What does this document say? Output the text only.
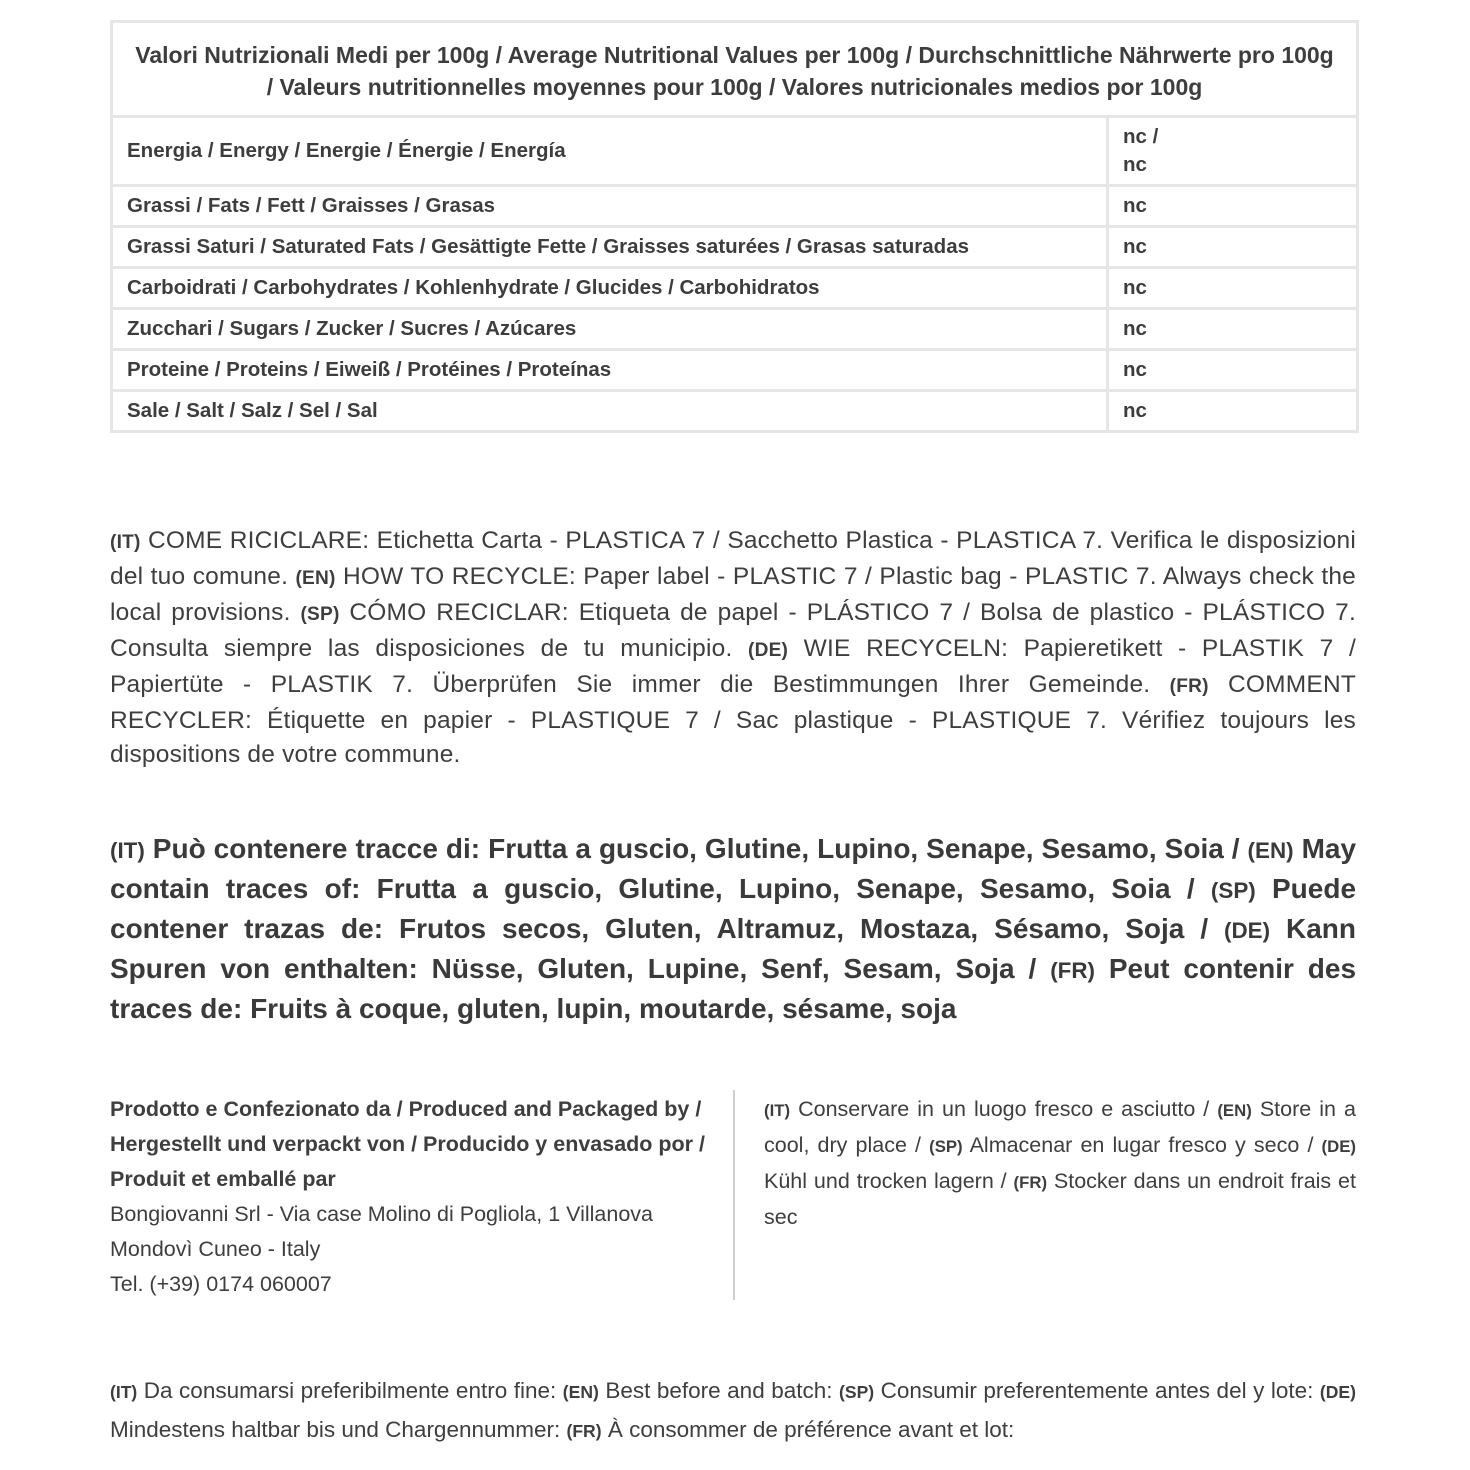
Valori Nutrizionali Medi per 100g / Average Nutritional Values per 100g / Durchschnittliche Nährwerte pro 100g / Valeurs nutritionnelles moyennes pour 100g / Valores nutricionales medios por 100g	
Energia / Energy / Energie / Énergie / Energía	nc /
nc

Grassi / Fats / Fett / Graisses / Grasas	nc
Grassi Saturi / Saturated Fats / Gesättigte Fette / Graisses saturées / Grasas saturadas	nc
Carboidrati / Carbohydrates / Kohlenhydrate / Glucides / Carbohidratos	nc
Zucchari / Sugars / Zucker / Sucres / Azúcares	nc
Proteine / Proteins / Eiweiß / Protéines / Proteínas	nc
Sale / Salt / Salz / Sel / Sal	nc

(IT) COME RICICLARE: Etichetta Carta - PLASTICA 7 / Sacchetto Plastica - PLASTICA 7. Verifica le disposizioni del tuo comune. (EN) HOW TO RECYCLE: Paper label - PLASTIC 7 / Plastic bag - PLASTIC 7. Always check the local provisions. (SP) CÓMO RECICLAR: Etiqueta de papel - PLÁSTICO 7 / Bolsa de plastico - PLÁSTICO 7. Consulta siempre las disposiciones de tu municipio. (DE) WIE RECYCELN: Papieretikett - PLASTIK 7 / Papiertüte - PLASTIK 7. Überprüfen Sie immer die Bestimmungen Ihrer Gemeinde. (FR) COMMENT RECYCLER: Étiquette en papier - PLASTIQUE 7 / Sac plastique - PLASTIQUE 7. Vérifiez toujours les dispositions de votre commune.

(IT) Può contenere tracce di: Frutta a guscio, Glutine, Lupino, Senape, Sesamo, Soia / (EN) May contain traces of: Frutta a guscio, Glutine, Lupino, Senape, Sesamo, Soia / (SP) Puede contener trazas de: Frutos secos, Gluten, Altramuz, Mostaza, Sésamo, Soja / (DE) Kann Spuren von enthalten: Nüsse, Gluten, Lupine, Senf, Sesam, Soja / (FR) Peut contenir des traces de: Fruits à coque, gluten, lupin, moutarde, sésame, soja

Prodotto e Confezionato da / Produced and Packaged by / Hergestellt und verpackt von / Producido y envasado por / Produit et emballé par
Bongiovanni Srl - Via case Molino di Pogliola, 1 Villanova Mondovì Cuneo - Italy
Tel. (+39) 0174 060007

(IT) Conservare in un luogo fresco e asciutto / (EN) Store in a cool, dry place / (SP) Almacenar en lugar fresco y seco / (DE) Kühl und trocken lagern / (FR) Stocker dans un endroit frais et sec

(IT) Da consumarsi preferibilmente entro fine: (EN) Best before and batch: (SP) Consumir preferentemente antes del y lote: (DE) Mindestens haltbar bis und Chargennummer: (FR) À consommer de préférence avant et lot:
